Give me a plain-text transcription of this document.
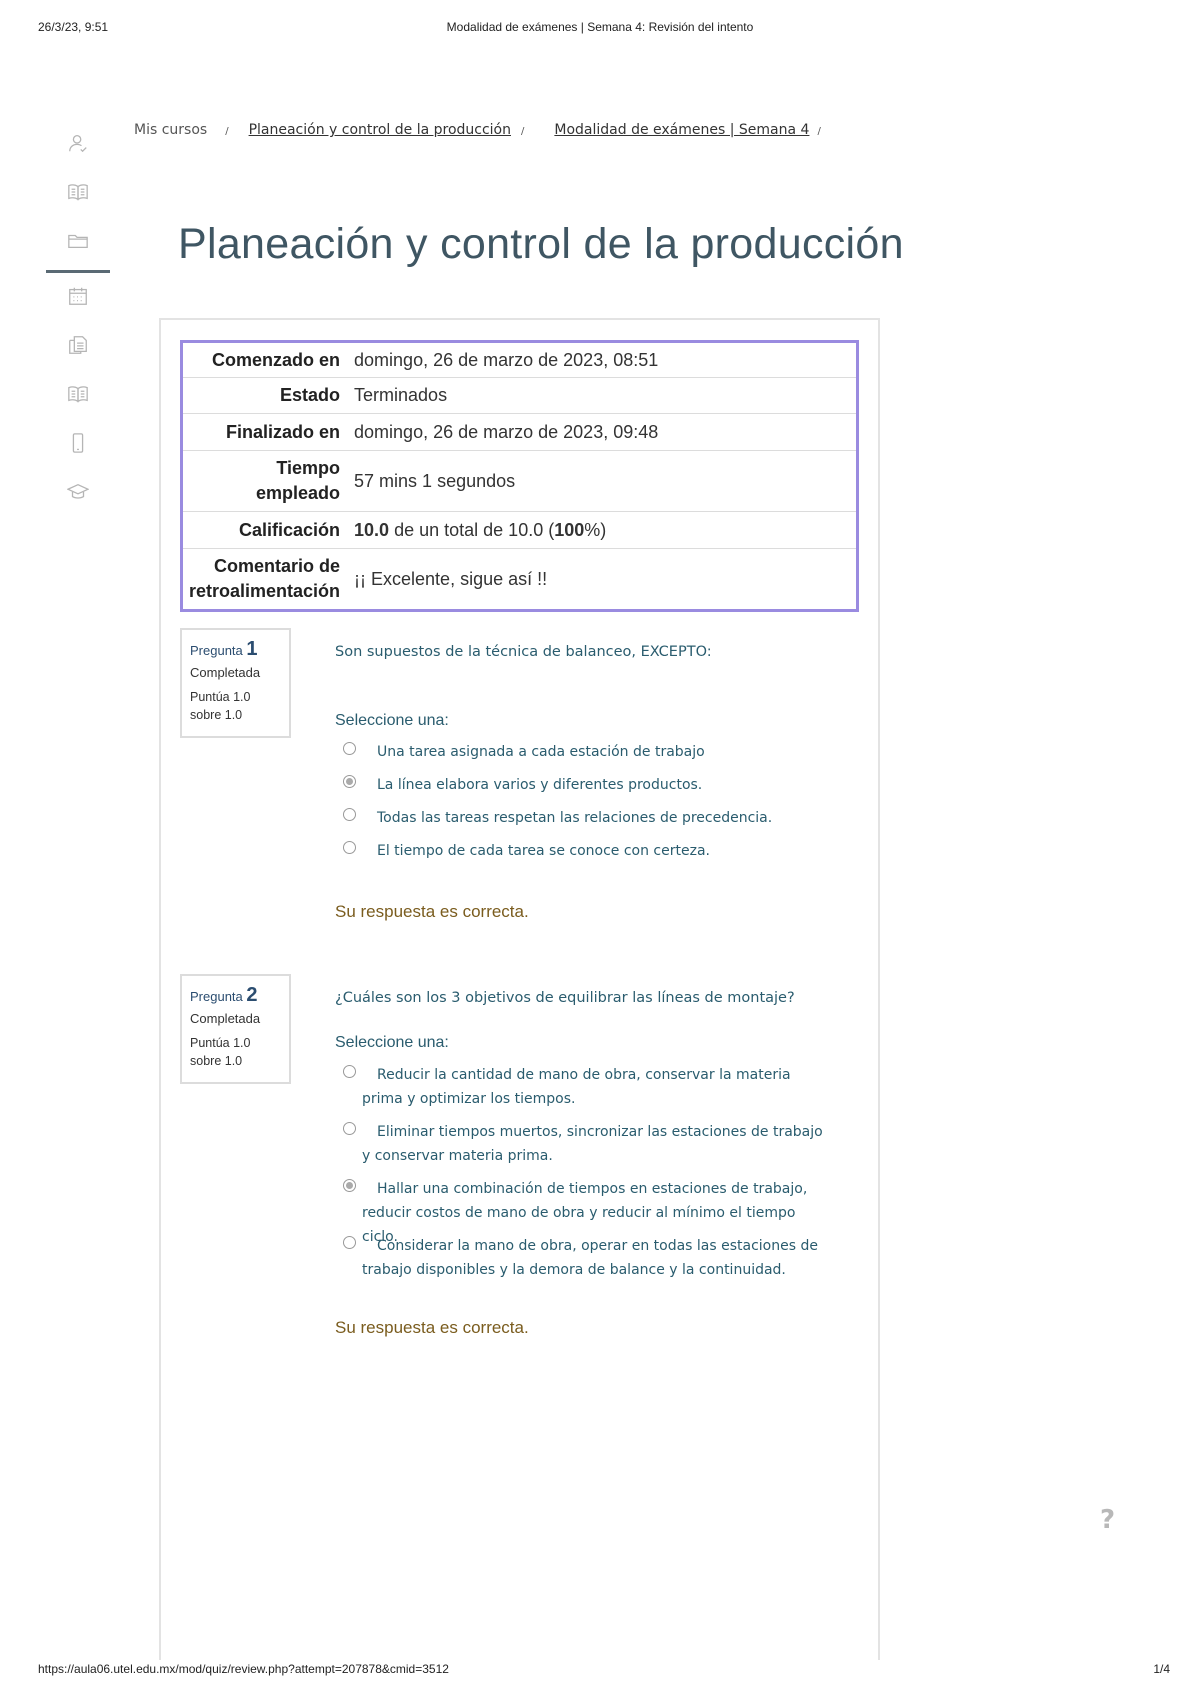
26/3/23, 9:51	Modalidad de exámenes | Semana 4: Revisión del intento
https://aula06.utel.edu.mx/mod/quiz/review.php?attempt=207878&cmid=3512	1/4
Mis cursos / Planeación y control de la producción / Modalidad de exámenes | Semana 4 /
Planeación y control de la producción
Comenzado en	domingo, 26 de marzo de 2023, 08:51
Estado	Terminados
Finalizado en	domingo, 26 de marzo de 2023, 09:48
Tiempo empleado	57 mins 1 segundos
Calificación	10.0 de un total de 10.0 (100%)
Comentario de retroalimentación	¡¡ Excelente, sigue así !!
Pregunta 1
Completada
Puntúa 1.0 sobre 1.0
Son supuestos de la técnica de balanceo, EXCEPTO:
Seleccione una:
Una tarea asignada a cada estación de trabajo
La línea elabora varios y diferentes productos.
Todas las tareas respetan las relaciones de precedencia.
El tiempo de cada tarea se conoce con certeza.
Su respuesta es correcta.
Pregunta 2
Completada
Puntúa 1.0 sobre 1.0
¿Cuáles son los 3 objetivos de equilibrar las líneas de montaje?
Seleccione una:
Reducir la cantidad de mano de obra, conservar la materia prima y optimizar los tiempos.
Eliminar tiempos muertos, sincronizar las estaciones de trabajo y conservar materia prima.
Hallar una combinación de tiempos en estaciones de trabajo, reducir costos de mano de obra y reducir al mínimo el tiempo ciclo.
Considerar la mano de obra, operar en todas las estaciones de trabajo disponibles y la demora de balance y la continuidad.
Su respuesta es correcta.
?
